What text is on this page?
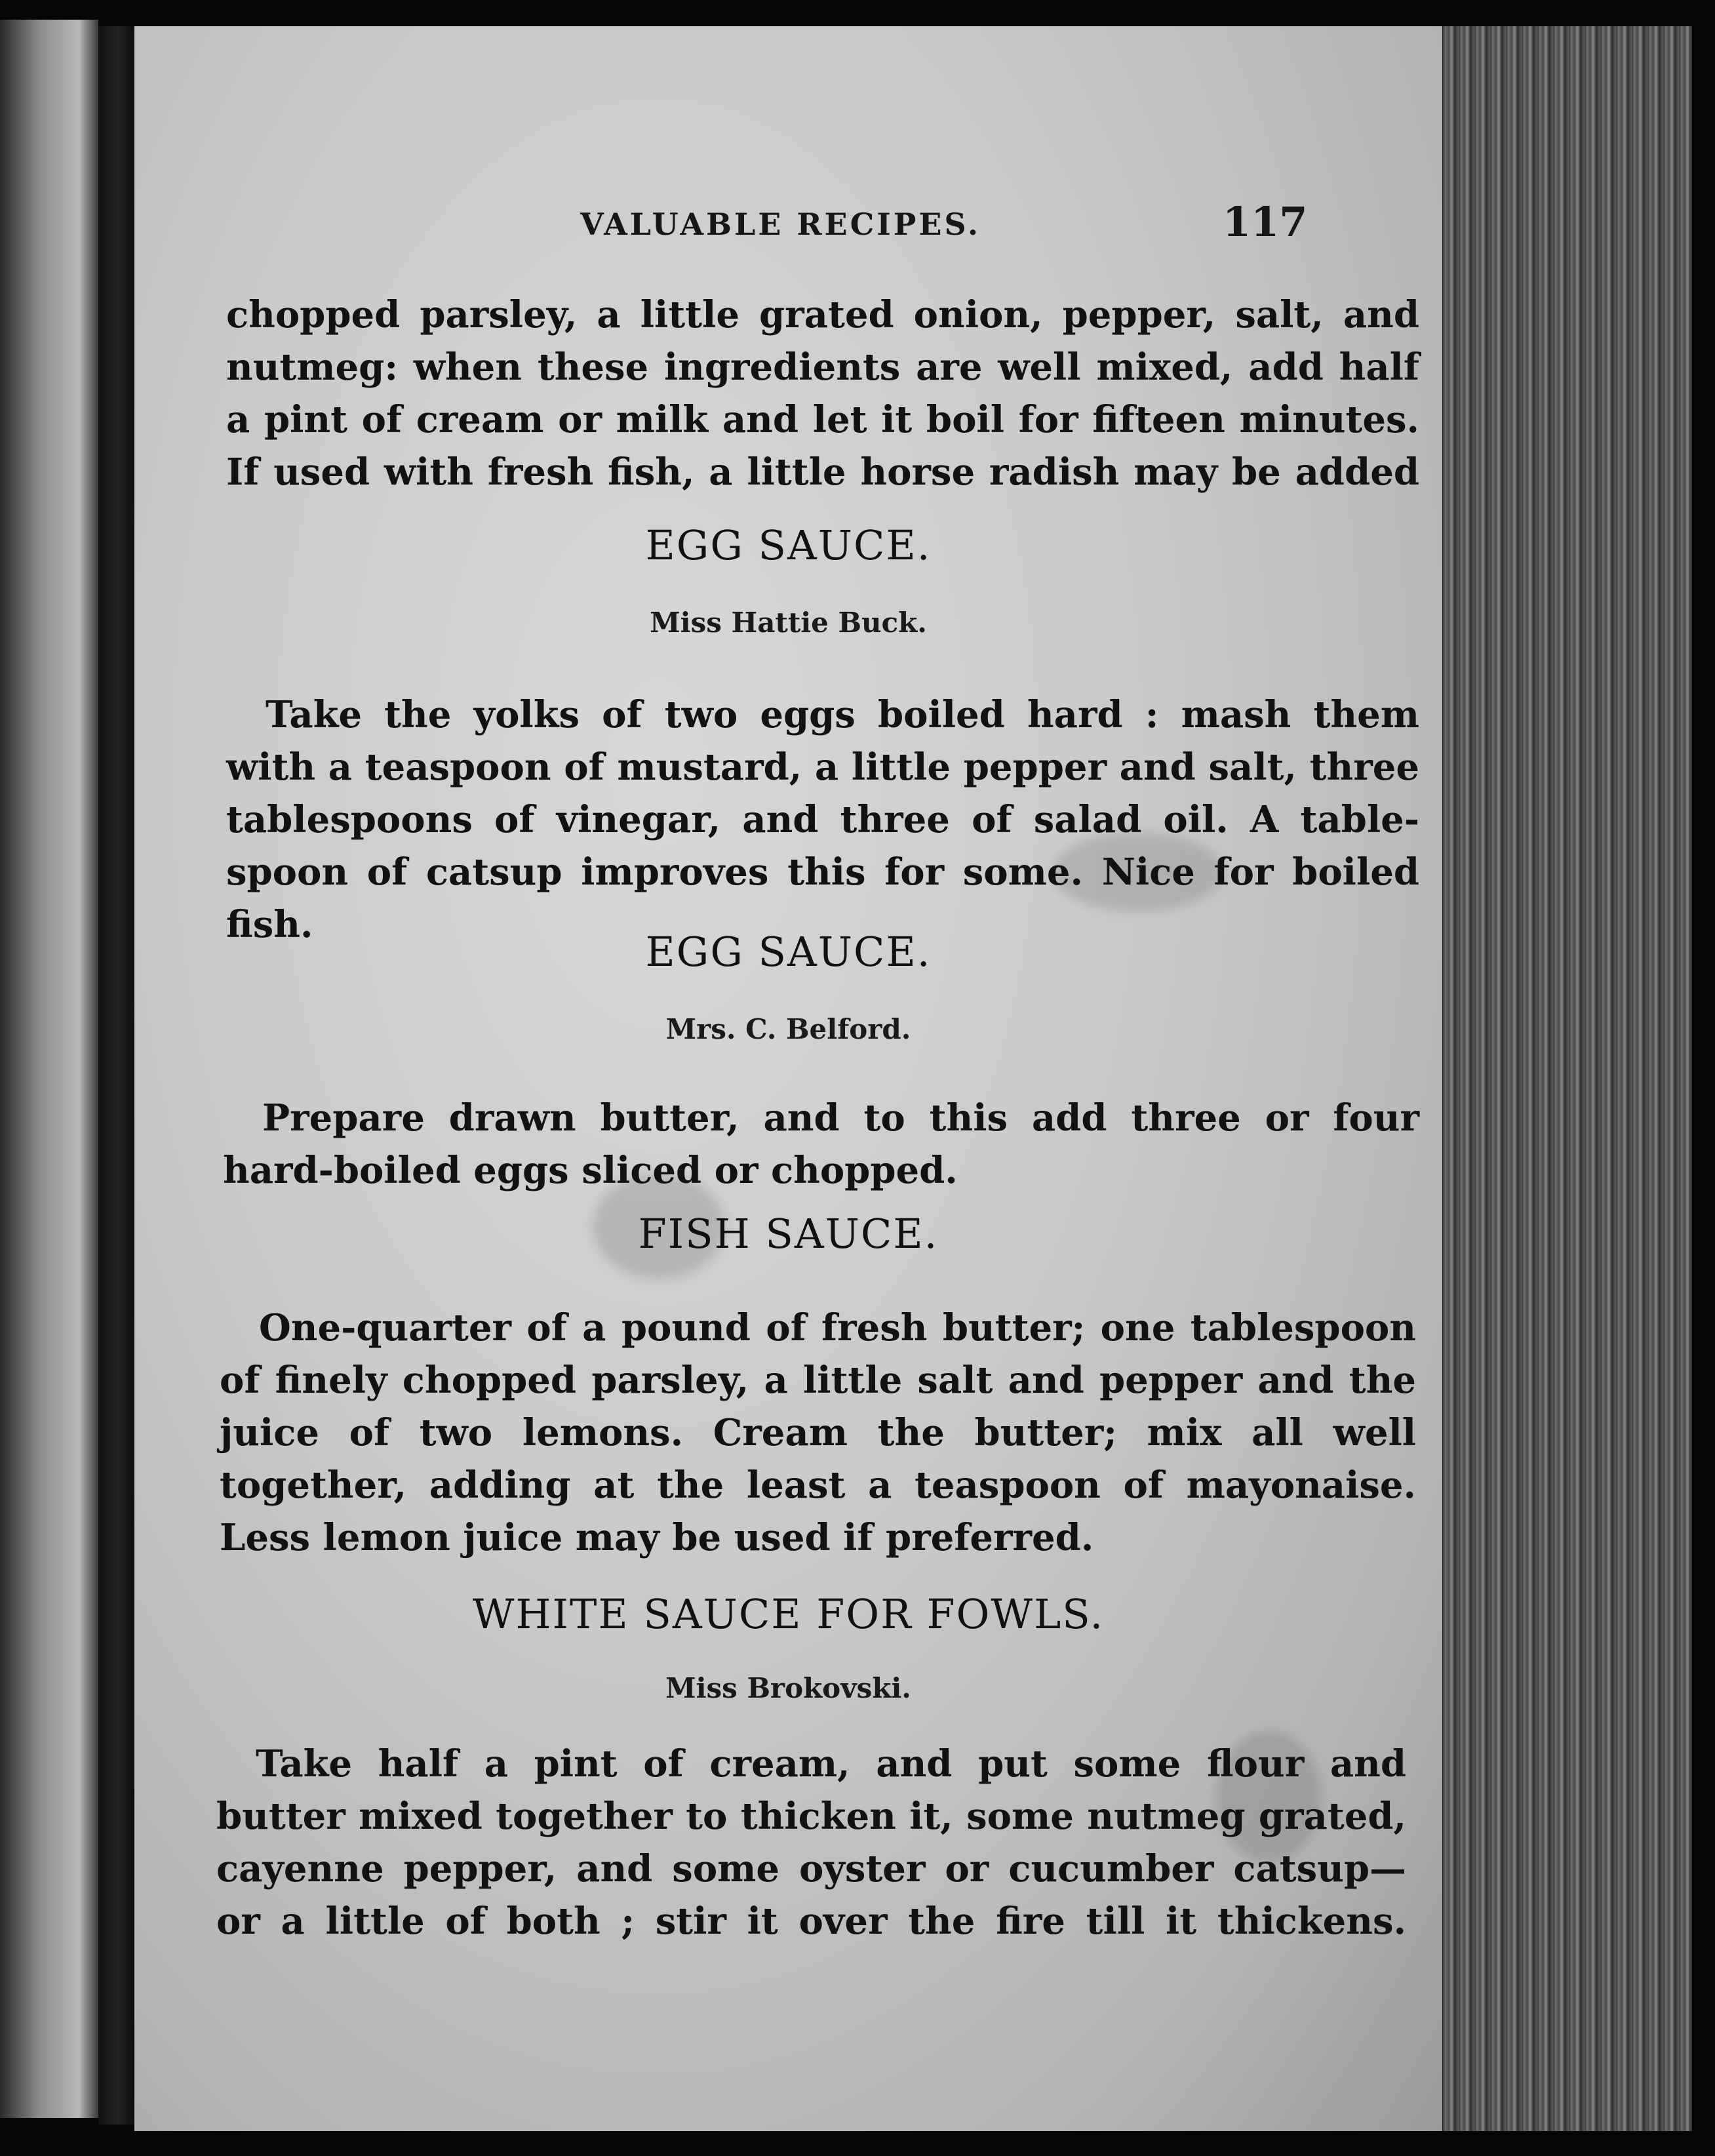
VALUABLE RECIPES.	117
chopped parsley, a little grated onion, pepper, salt, and
nutmeg: when these ingredients are well mixed, add half
a pint of cream or milk and let it boil for fifteen minutes.
If used with fresh fish, a little horse radish may be added
EGG SAUCE.
Miss Hattie Buck.
Take the yolks of two eggs boiled hard : mash them
with a teaspoon of mustard, a little pepper and salt, three
tablespoons of vinegar, and three of salad oil. A table-
spoon of catsup improves this for some. Nice for boiled
fish.
EGG SAUCE.
Mrs. C. Belford.
Prepare drawn butter, and to this add three or four
hard-boiled eggs sliced or chopped.
FISH SAUCE.
One-quarter of a pound of fresh butter; one tablespoon
of finely chopped parsley, a little salt and pepper and the
juice of two lemons. Cream the butter; mix all well
together, adding at the least a teaspoon of mayonaise.
Less lemon juice may be used if preferred.
WHITE SAUCE FOR FOWLS.
Miss Brokovski.
Take half a pint of cream, and put some flour and
butter mixed together to thicken it, some nutmeg grated,
cayenne pepper, and some oyster or cucumber catsup—
or a little of both ; stir it over the fire till it thickens.
